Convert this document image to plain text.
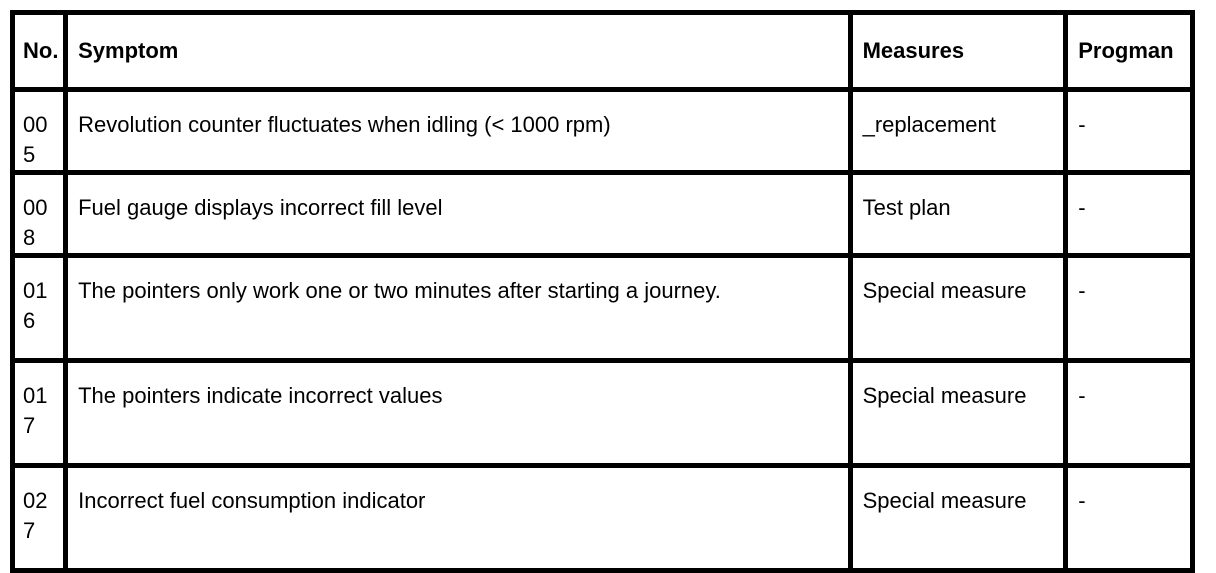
No.	Symptom	Measures	Progman
005	Revolution counter fluctuates when idling (< 1000 rpm)	_replacement	-
008	Fuel gauge displays incorrect fill level	Test plan	-
016	The pointers only work one or two minutes after starting a journey.	Special measure	-
017	The pointers indicate incorrect values	Special measure	-
027	Incorrect fuel consumption indicator	Special measure	-
